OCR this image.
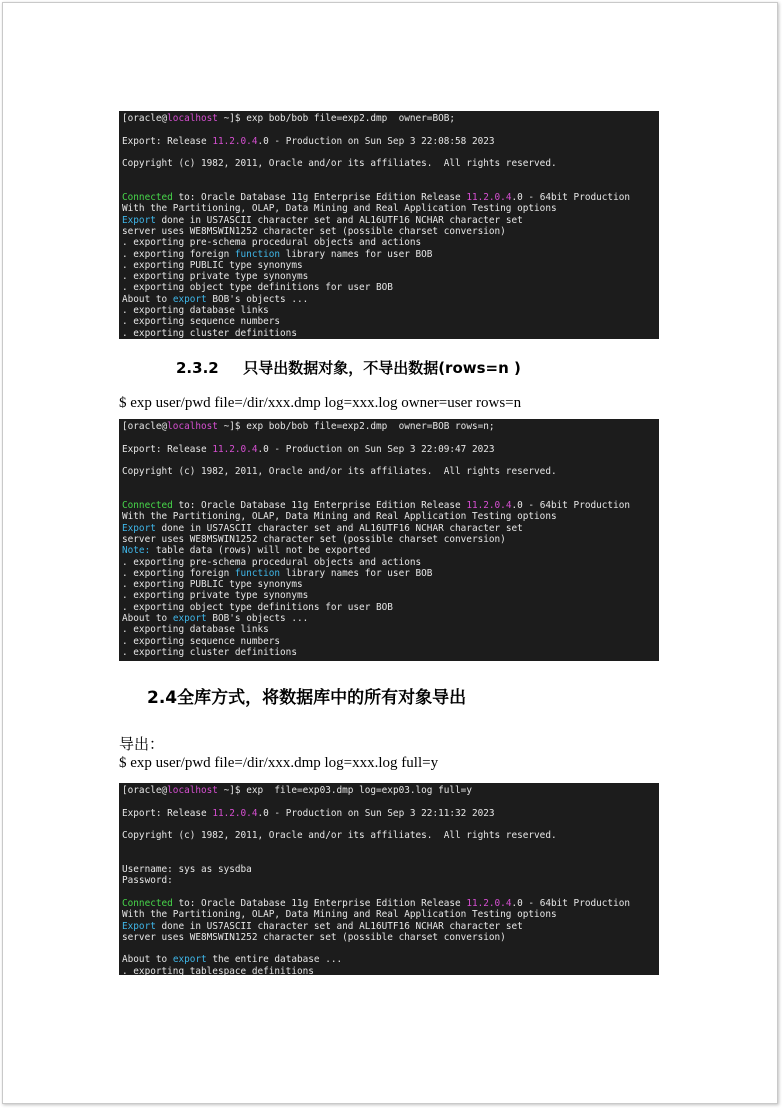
[oracle@localhost ~]$ exp bob/bob file=exp2.dmp  owner=BOB;
Export: Release 11.2.0.4.0 - Production on Sun Sep 3 22:08:58 2023
Copyright (c) 1982, 2011, Oracle and/or its affiliates.  All rights reserved.
Connected to: Oracle Database 11g Enterprise Edition Release 11.2.0.4.0 - 64bit Production
With the Partitioning, OLAP, Data Mining and Real Application Testing options
Export done in US7ASCII character set and AL16UTF16 NCHAR character set
server uses WE8MSWIN1252 character set (possible charset conversion)
. exporting pre-schema procedural objects and actions
. exporting foreign function library names for user BOB
. exporting PUBLIC type synonyms
. exporting private type synonyms
. exporting object type definitions for user BOB
About to export BOB's objects ...
. exporting database links
. exporting sequence numbers
. exporting cluster definitions
2.3.2 只导出数据对象，不导出数据(rows=n )
$ exp user/pwd file=/dir/xxx.dmp log=xxx.log owner=user rows=n
[oracle@localhost ~]$ exp bob/bob file=exp2.dmp  owner=BOB rows=n;
Export: Release 11.2.0.4.0 - Production on Sun Sep 3 22:09:47 2023
Copyright (c) 1982, 2011, Oracle and/or its affiliates.  All rights reserved.
Connected to: Oracle Database 11g Enterprise Edition Release 11.2.0.4.0 - 64bit Production
With the Partitioning, OLAP, Data Mining and Real Application Testing options
Export done in US7ASCII character set and AL16UTF16 NCHAR character set
server uses WE8MSWIN1252 character set (possible charset conversion)
Note: table data (rows) will not be exported
. exporting pre-schema procedural objects and actions
. exporting foreign function library names for user BOB
. exporting PUBLIC type synonyms
. exporting private type synonyms
. exporting object type definitions for user BOB
About to export BOB's objects ...
. exporting database links
. exporting sequence numbers
. exporting cluster definitions
2.4全库方式，将数据库中的所有对象导出
导出：
$ exp user/pwd file=/dir/xxx.dmp log=xxx.log full=y
[oracle@localhost ~]$ exp  file=exp03.dmp log=exp03.log full=y
Export: Release 11.2.0.4.0 - Production on Sun Sep 3 22:11:32 2023
Copyright (c) 1982, 2011, Oracle and/or its affiliates.  All rights reserved.
Username: sys as sysdba
Password:
Connected to: Oracle Database 11g Enterprise Edition Release 11.2.0.4.0 - 64bit Production
With the Partitioning, OLAP, Data Mining and Real Application Testing options
Export done in US7ASCII character set and AL16UTF16 NCHAR character set
server uses WE8MSWIN1252 character set (possible charset conversion)
About to export the entire database ...
. exporting tablespace definitions
